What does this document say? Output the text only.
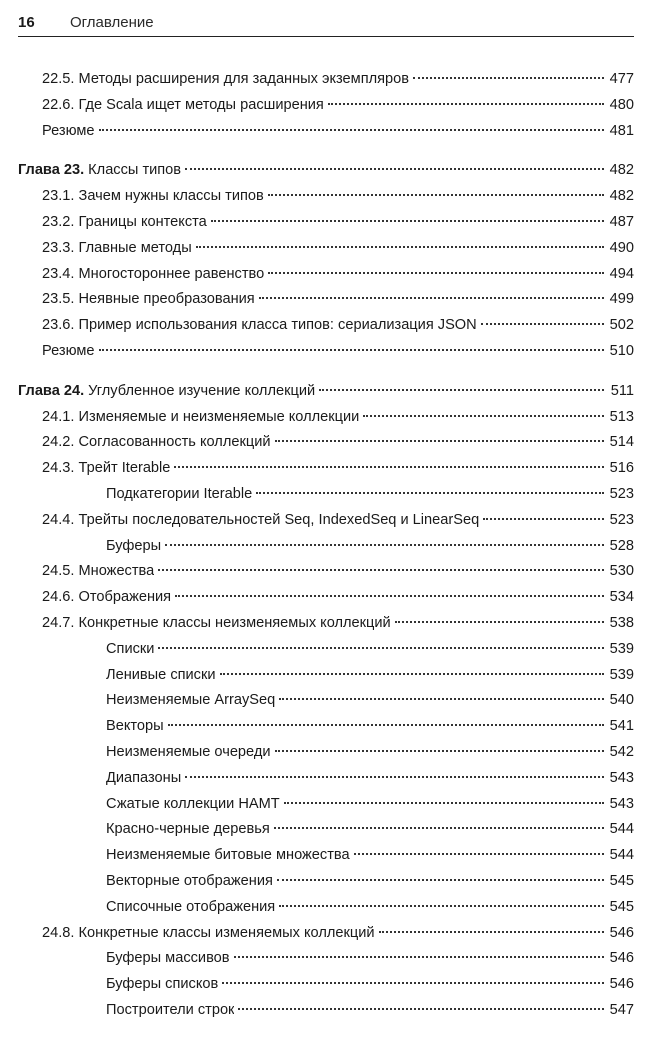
16	Оглавление
22.5. Методы расширения для заданных экземпляров	477
22.6. Где Scala ищет методы расширения	480
Резюме	481
Глава 23. Классы типов	482
23.1. Зачем нужны классы типов	482
23.2. Границы контекста	487
23.3. Главные методы	490
23.4. Многостороннее равенство	494
23.5. Неявные преобразования	499
23.6. Пример использования класса типов: сериализация JSON	502
Резюме	510
Глава 24. Углубленное изучение коллекций	511
24.1. Изменяемые и неизменяемые коллекции	513
24.2. Согласованность коллекций	514
24.3. Трейт Iterable	516
Подкатегории Iterable	523
24.4. Трейты последовательностей Seq, IndexedSeq и LinearSeq	523
Буферы	528
24.5. Множества	530
24.6. Отображения	534
24.7. Конкретные классы неизменяемых коллекций	538
Списки	539
Ленивые списки	539
Неизменяемые ArraySeq	540
Векторы	541
Неизменяемые очереди	542
Диапазоны	543
Сжатые коллекции HAMT	543
Красно-черные деревья	544
Неизменяемые битовые множества	544
Векторные отображения	545
Списочные отображения	545
24.8. Конкретные классы изменяемых коллекций	546
Буферы массивов	546
Буферы списков	546
Построители строк	547
